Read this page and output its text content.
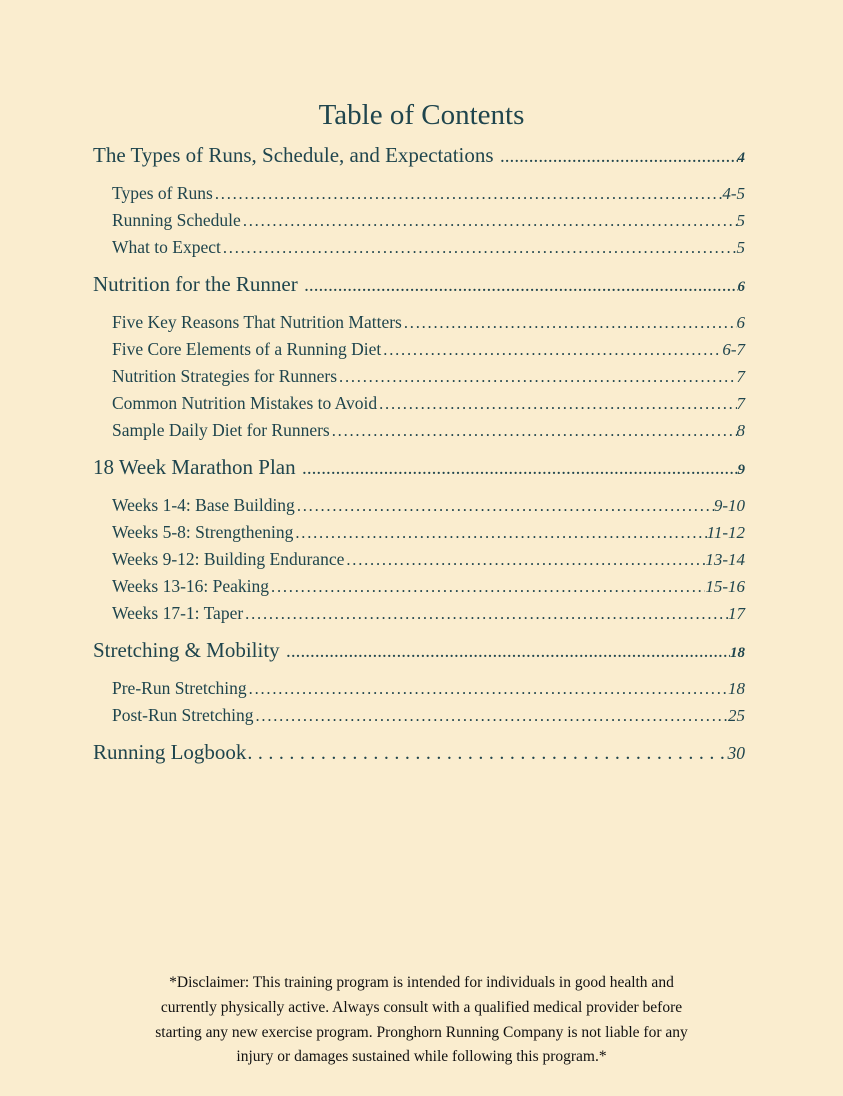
Table of Contents
The Types of Runs, Schedule, and Expectations .....	4
Types of Runs .....	4-5
Running Schedule .....	5
What to Expect .....	5
Nutrition for the Runner .....	6
Five Key Reasons That Nutrition Matters .....	6
Five Core Elements of a Running Diet .....	6-7
Nutrition Strategies for Runners .....	7
Common Nutrition Mistakes to Avoid .....	7
Sample Daily Diet for Runners .....	8
18 Week Marathon Plan .....	9
Weeks 1-4: Base Building .....	9-10
Weeks 5-8: Strengthening .....	11-12
Weeks 9-12: Building Endurance .....	13-14
Weeks 13-16: Peaking .....	15-16
Weeks 17-1: Taper .....	17
Stretching & Mobility .....	18
Pre-Run Stretching .....	18
Post-Run Stretching .....	25
Running Logbook .....	30
*Disclaimer: This training program is intended for individuals in good health and
currently physically active. Always consult with a qualified medical provider before
starting any new exercise program. Pronghorn Running Company is not liable for any
injury or damages sustained while following this program.*
